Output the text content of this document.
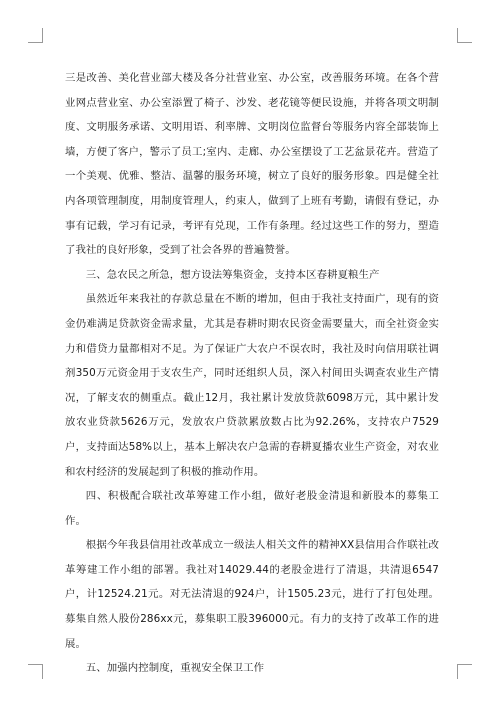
三是改善、美化营业部大楼及各分社营业室、办公室，改善服务环境。在各个营业网点营业室、办公室添置了椅子、沙发、老花镜等便民设施，并将各项文明制度、文明服务承诺、文明用语、利率牌、文明岗位监督台等服务内容全部装饰上墙，方便了客户，警示了员工;室内、走廊、办公室摆设了工艺盆景花卉。营造了一个美观、优雅、整洁、温馨的服务环境，树立了良好的服务形象。四是健全社内各项管理制度，用制度管理人，约束人，做到了上班有考勤，请假有登记，办事有记载，学习有记录，考评有兑现，工作有条理。经过这些工作的努力，塑造了我社的良好形象，受到了社会各界的普遍赞誉。

三、急农民之所急，想方设法筹集资金，支持本区春耕夏粮生产

虽然近年来我社的存款总量在不断的增加，但由于我社支持面广，现有的资金仍难满足贷款资金需求量，尤其是春耕时期农民资金需要量大，而全社资金实力和借贷力量都相对不足。为了保证广大农户不误农时，我社及时向信用联社调剂350万元资金用于支农生产，同时还组织人员，深入村间田头调查农业生产情况，了解支农的侧重点。截止12月，我社累计发放贷款6098万元，其中累计发放农业贷款5626万元，发放农户贷款累放数占比为92.26%，支持农户7529户，支持面达58%以上，基本上解决农户急需的春耕夏播农业生产资金，对农业和农村经济的发展起到了积极的推动作用。

四、积极配合联社改革筹建工作小组，做好老股金清退和新股本的募集工作。

根据今年我县信用社改革成立一级法人相关文件的精神XX县信用合作联社改革筹建工作小组的部署。我社对14029.44的老股金进行了清退，共清退6547户，计12524.21元。对无法清退的924户，计1505.23元，进行了打包处理。募集自然人股份286xx元，募集职工股396000元。有力的支持了改革工作的进展。

五、加强内控制度，重视安全保卫工作
